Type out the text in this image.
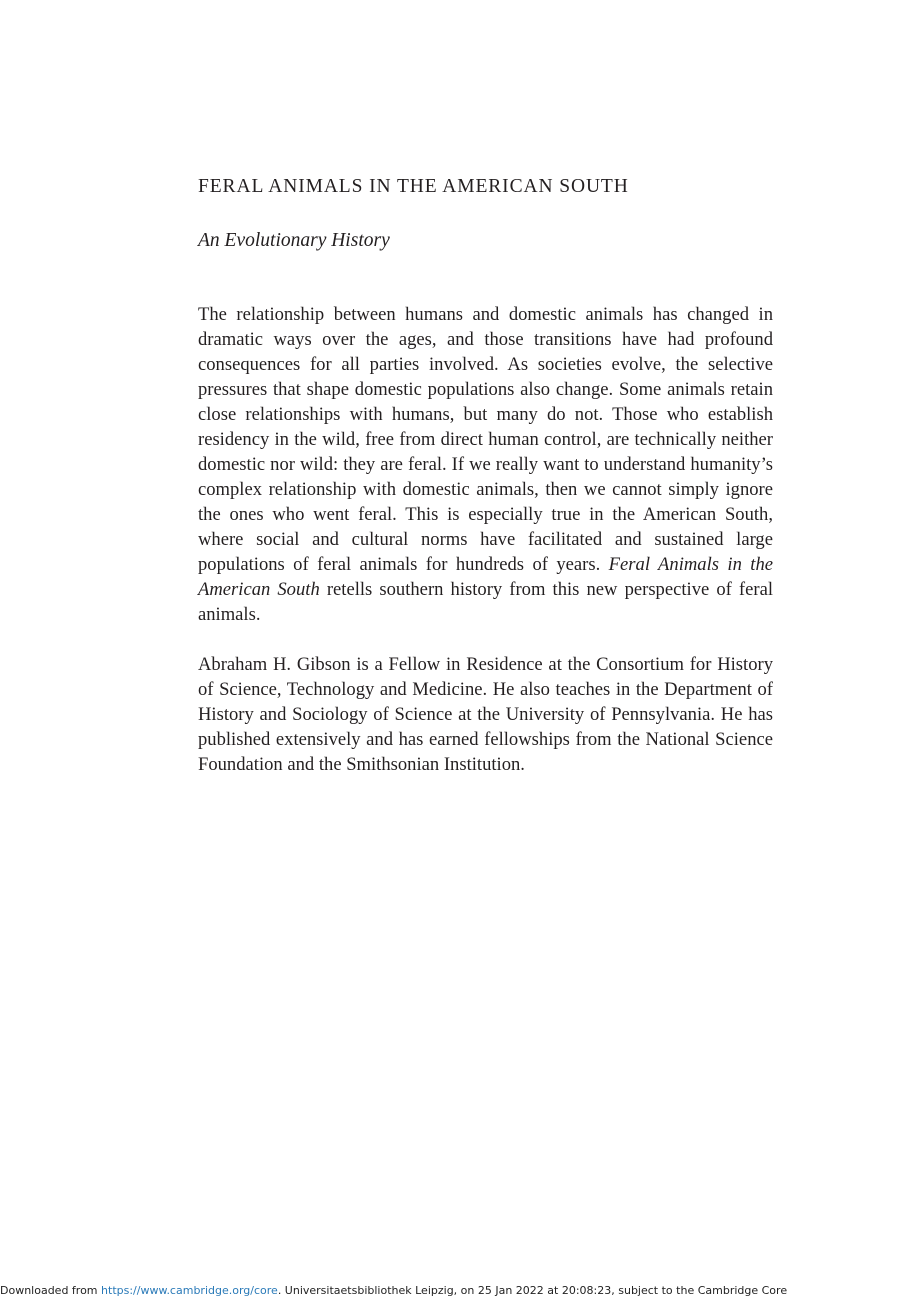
FERAL ANIMALS IN THE AMERICAN SOUTH
An Evolutionary History

The relationship between humans and domestic animals has changed in dramatic ways over the ages, and those transitions have had profound consequences for all parties involved. As societies evolve, the selective pressures that shape domestic populations also change. Some animals retain close relationships with humans, but many do not. Those who establish residency in the wild, free from direct human control, are technically neither domestic nor wild: they are feral. If we really want to understand humanity’s complex relationship with domestic animals, then we cannot simply ignore the ones who went feral. This is especially true in the American South, where social and cultural norms have facilitated and sustained large populations of feral animals for hundreds of years. Feral Animals in the American South retells southern history from this new perspective of feral animals.

Abraham H. Gibson is a Fellow in Residence at the Consortium for History of Science, Technology and Medicine. He also teaches in the Department of History and Sociology of Science at the University of Pennsylvania. He has published extensively and has earned fellowships from the National Science Foundation and the Smithsonian Institution.

Downloaded from https://www.cambridge.org/core. Universitaetsbibliothek Leipzig, on 25 Jan 2022 at 20:08:23, subject to the Cambridge Core
